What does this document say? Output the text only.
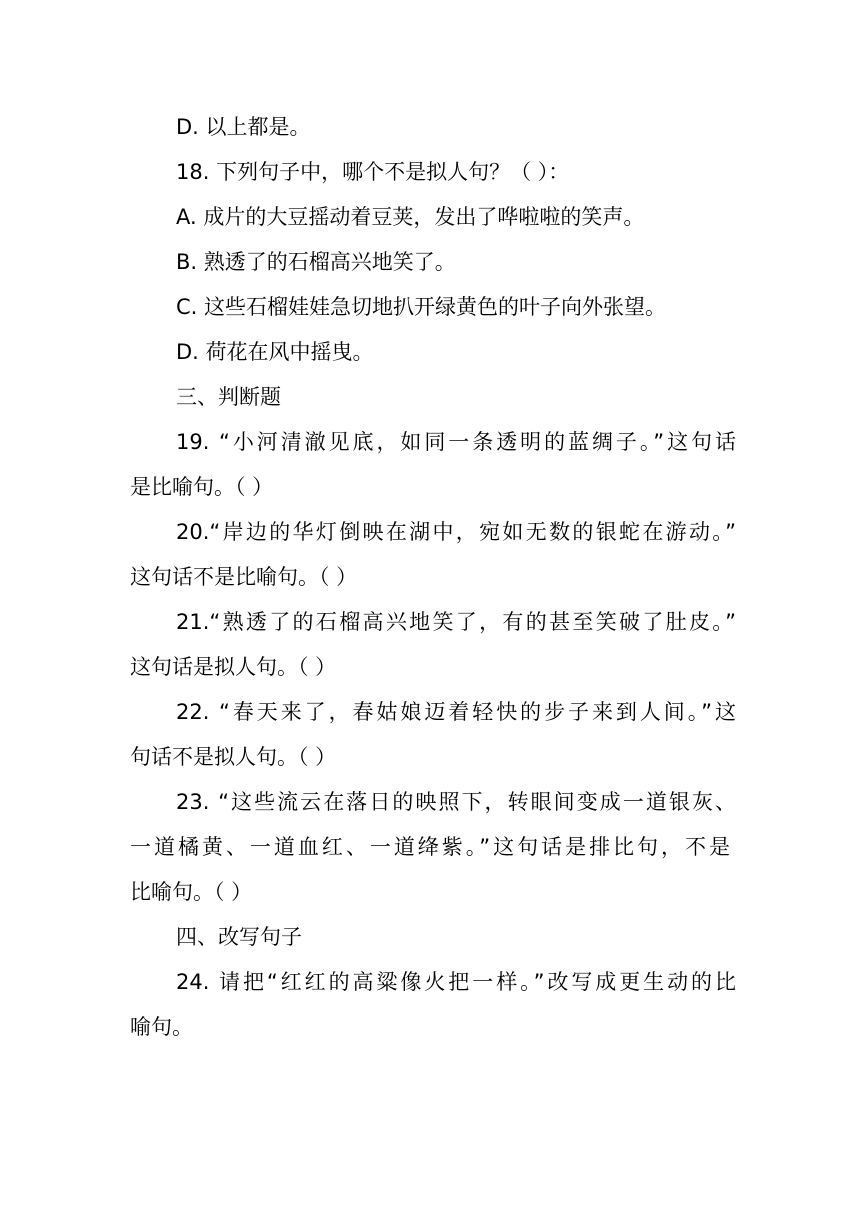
D. 以上都是。
18. 下列句子中，哪个不是拟人句？（ ）：
A. 成片的大豆摇动着豆荚，发出了哗啦啦的笑声。
B. 熟透了的石榴高兴地笑了。
C. 这些石榴娃娃急切地扒开绿黄色的叶子向外张望。
D. 荷花在风中摇曳。
三、判断题
19. “小河清澈见底，如同一条透明的蓝绸子。”这句话
是比喻句。（ ）
20.“岸边的华灯倒映在湖中，宛如无数的银蛇在游动。”
这句话不是比喻句。（ ）
21.“熟透了的石榴高兴地笑了，有的甚至笑破了肚皮。”
这句话是拟人句。（ ）
22. “春天来了，春姑娘迈着轻快的步子来到人间。”这
句话不是拟人句。（ ）
23. “这些流云在落日的映照下，转眼间变成一道银灰、
一道橘黄、一道血红、一道绛紫。”这句话是排比句，不是
比喻句。（ ）
四、改写句子
24. 请把“红红的高粱像火把一样。”改写成更生动的比
喻句。
